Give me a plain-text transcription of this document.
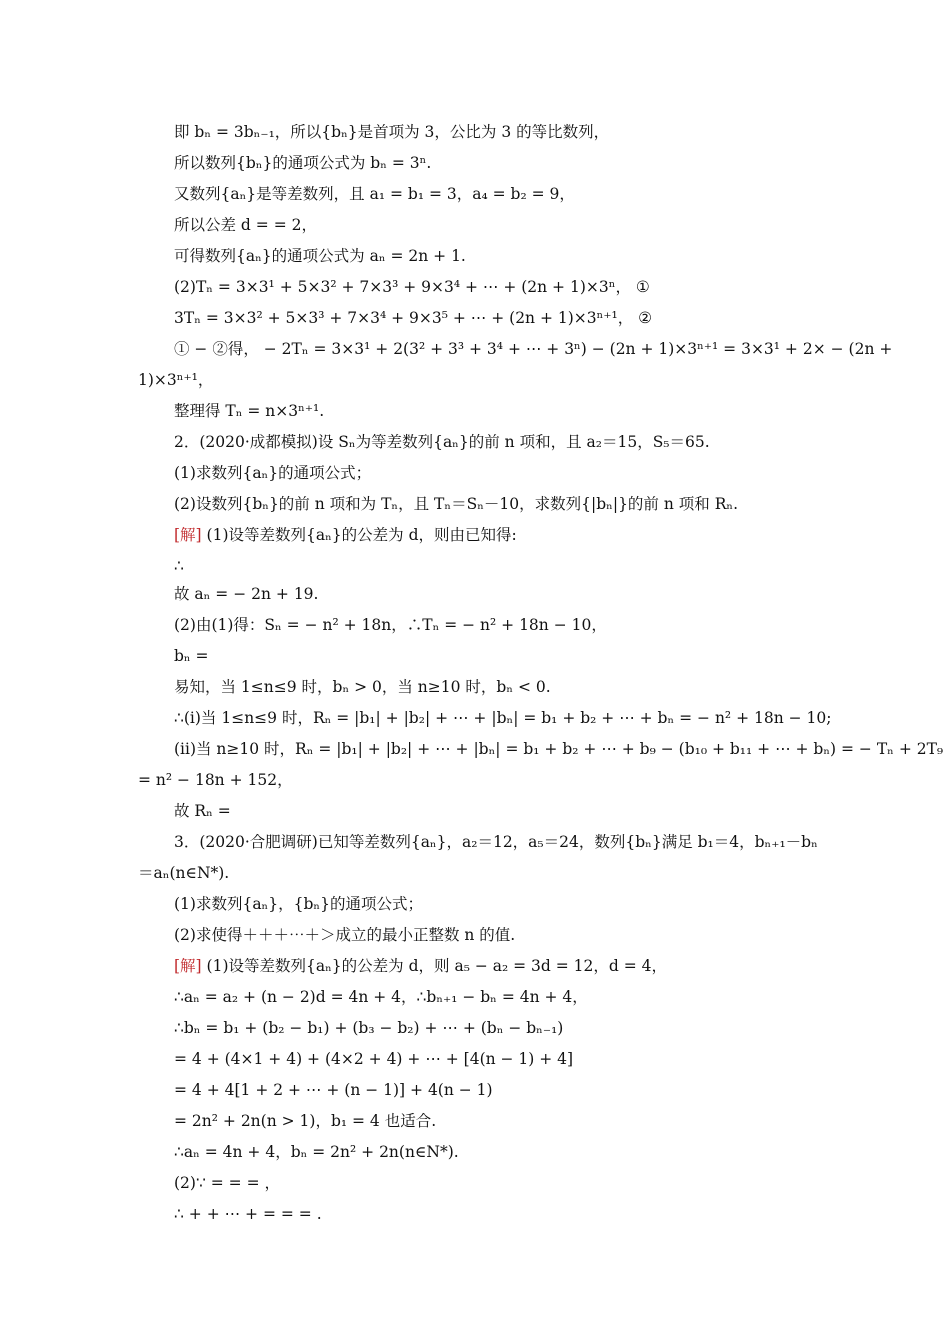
即 bₙ = 3bₙ₋₁，所以{bₙ}是首项为 3，公比为 3 的等比数列，
所以数列{bₙ}的通项公式为 bₙ = 3ⁿ.
又数列{aₙ}是等差数列，且 a₁ = b₁ = 3，a₄ = b₂ = 9，
所以公差 d = = 2，
可得数列{aₙ}的通项公式为 aₙ = 2n + 1.
(2)Tₙ = 3×3¹ + 5×3² + 7×3³ + 9×3⁴ + ⋯ + (2n + 1)×3ⁿ， ①
3Tₙ = 3×3² + 5×3³ + 7×3⁴ + 9×3⁵ + ⋯ + (2n + 1)×3ⁿ⁺¹， ②
① − ②得， − 2Tₙ = 3×3¹ + 2(3² + 3³ + 3⁴ + ⋯ + 3ⁿ) − (2n + 1)×3ⁿ⁺¹ = 3×3¹ + 2× − (2n +
1)×3ⁿ⁺¹，
整理得 Tₙ = n×3ⁿ⁺¹.
2．(2020·成都模拟)设 Sₙ为等差数列{aₙ}的前 n 项和，且 a₂＝15，S₅＝65.
(1)求数列{aₙ}的通项公式；
(2)设数列{bₙ}的前 n 项和为 Tₙ，且 Tₙ＝Sₙ－10，求数列{|bₙ|}的前 n 项和 Rₙ.
[解] (1)设等差数列{aₙ}的公差为 d，则由已知得:
∴
故 aₙ = − 2n + 19.
(2)由(1)得：Sₙ = − n² + 18n，∴Tₙ = − n² + 18n − 10，
bₙ =
易知，当 1≤n≤9 时，bₙ > 0，当 n≥10 时，bₙ < 0.
∴(ⅰ)当 1≤n≤9 时，Rₙ = |b₁| + |b₂| + ⋯ + |bₙ| = b₁ + b₂ + ⋯ + bₙ = − n² + 18n − 10;
(ⅱ)当 n≥10 时，Rₙ = |b₁| + |b₂| + ⋯ + |bₙ| = b₁ + b₂ + ⋯ + b₉ − (b₁₀ + b₁₁ + ⋯ + bₙ) = − Tₙ + 2T₉
= n² − 18n + 152，
故 Rₙ =
3．(2020·合肥调研)已知等差数列{aₙ}，a₂＝12，a₅＝24，数列{bₙ}满足 b₁＝4，bₙ₊₁－bₙ
＝aₙ(n∈N*).
(1)求数列{aₙ}，{bₙ}的通项公式；
(2)求使得＋＋＋⋯＋＞成立的最小正整数 n 的值.
[解] (1)设等差数列{aₙ}的公差为 d，则 a₅ − a₂ = 3d = 12，d = 4，
∴aₙ = a₂ + (n − 2)d = 4n + 4，∴bₙ₊₁ − bₙ = 4n + 4，
∴bₙ = b₁ + (b₂ − b₁) + (b₃ − b₂) + ⋯ + (bₙ − bₙ₋₁)
= 4 + (4×1 + 4) + (4×2 + 4) + ⋯ + [4(n − 1) + 4]
= 4 + 4[1 + 2 + ⋯ + (n − 1)] + 4(n − 1)
= 2n² + 2n(n > 1)，b₁ = 4 也适合.
∴aₙ = 4n + 4，bₙ = 2n² + 2n(n∈N*).
(2)∵ = = = ，
∴ + + ⋯ + = = = .
